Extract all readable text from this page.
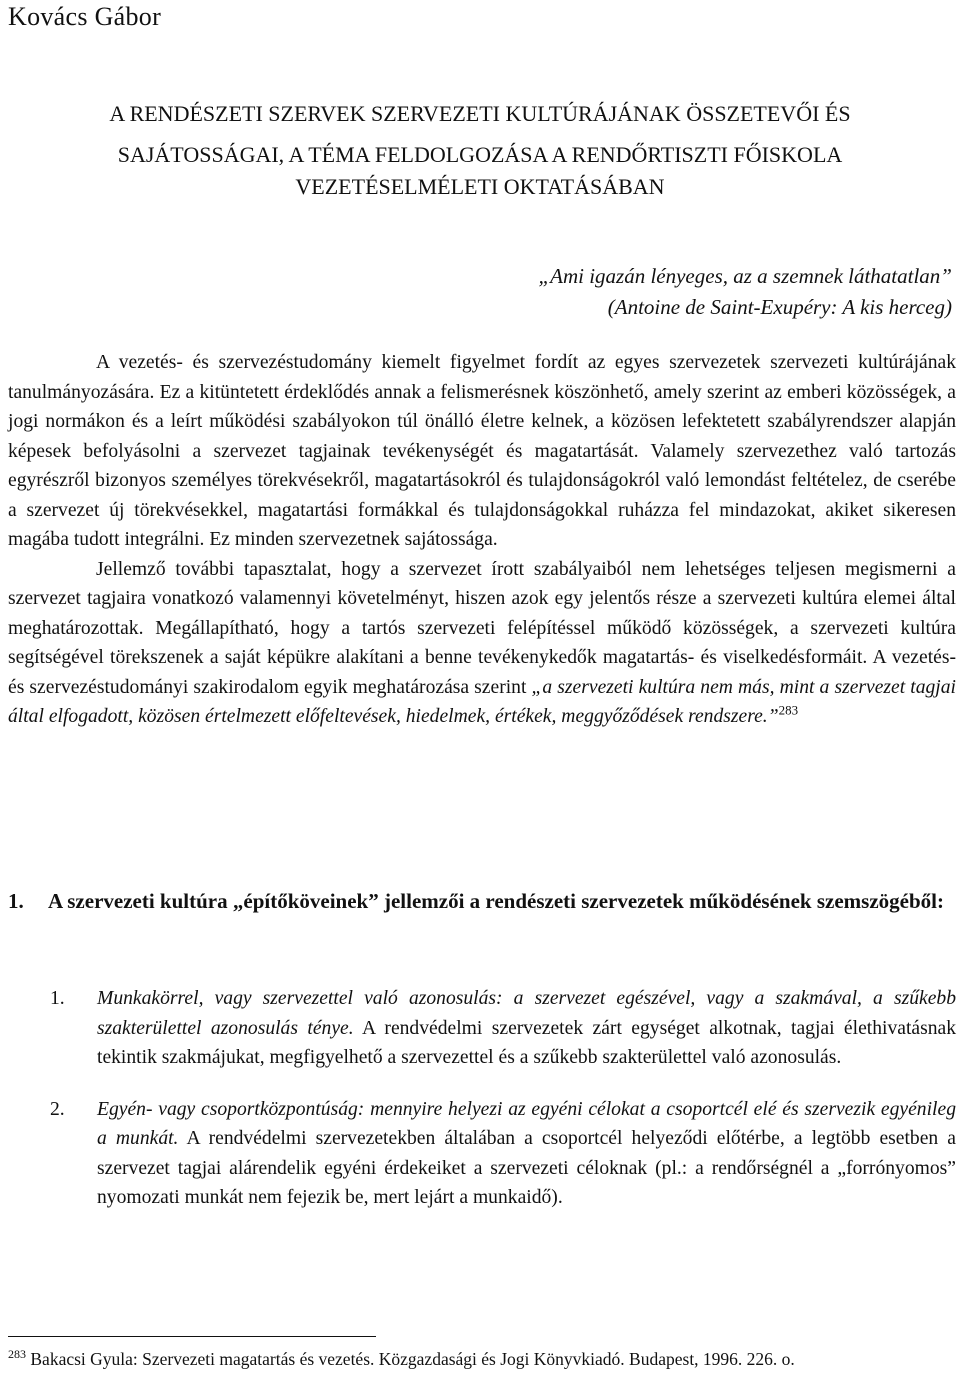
Kovács Gábor
A RENDÉSZETI SZERVEK SZERVEZETI KULTÚRÁJÁNAK ÖSSZETEVŐI ÉS
SAJÁTOSSÁGAI, A TÉMA FELDOLGOZÁSA A RENDŐRTISZTI FŐISKOLA
VEZETÉSELMÉLETI OKTATÁSÁBAN
„Ami igazán lényeges, az a szemnek láthatatlan”
(Antoine de Saint-Exupéry: A kis herceg)

A vezetés- és szervezéstudomány kiemelt figyelmet fordít az egyes szervezetek szervezeti kultúrájának tanulmányozására. Ez a kitüntetett érdeklődés annak a felismerésnek köszönhető, amely szerint az emberi közösségek, a jogi normákon és a leírt működési szabályokon túl önálló életre kelnek, a közösen lefektetett szabályrendszer alapján képesek befolyásolni a szervezet tagjainak tevékenységét és magatartását. Valamely szervezethez való tartozás egyrészről bizonyos személyes törekvésekről, magatartásokról és tulajdonságokról való lemondást feltételez, de cserébe a szervezet új törekvésekkel, magatartási formákkal és tulajdonságokkal ruházza fel mindazokat, akiket sikeresen magába tudott integrálni. Ez minden szervezetnek sajátossága.

Jellemző további tapasztalat, hogy a szervezet írott szabályaiból nem lehetséges teljesen megismerni a szervezet tagjaira vonatkozó valamennyi követelményt, hiszen azok egy jelentős része a szervezeti kultúra elemei által meghatározottak. Megállapítható, hogy a tartós szervezeti felépítéssel működő közösségek, a szervezeti kultúra segítségével törekszenek a saját képükre alakítani a benne tevékenykedők magatartás- és viselkedésformáit. A vezetés- és szervezéstudományi szakirodalom egyik meghatározása szerint „a szervezeti kultúra nem más, mint a szervezet tagjai által elfogadott, közösen értelmezett előfeltevések, hiedelmek, értékek, meggyőződések rendszere.”$^{283}$

1. A szervezeti kultúra „építőköveinek” jellemzői a rendészeti szervezetek működésének szemszögéből:
1. Munkakörrel, vagy szervezettel való azonosulás: a szervezet egészével, vagy a szakmával, a szűkebb szakterülettel azonosulás ténye. A rendvédelmi szervezetek zárt egységet alkotnak, tagjai élethivatásnak tekintik szakmájukat, megfigyelhető a szervezettel és a szűkebb szakterülettel való azonosulás.
2. Egyén- vagy csoportközpontúság: mennyire helyezi az egyéni célokat a csoportcél elé és szervezik egyénileg a munkát. A rendvédelmi szervezetekben általában a csoportcél helyeződi előtérbe, a legtöbb esetben a szervezet tagjai alárendelik egyéni érdekeiket a szervezeti céloknak (pl.: a rendőrségnél a „forrónyomos” nyomozati munkát nem fejezik be, mert lejárt a munkaidő).
$^{283}$ Bakacsi Gyula: Szervezeti magatartás és vezetés. Közgazdasági és Jogi Könyvkiadó. Budapest, 1996. 226. o.
